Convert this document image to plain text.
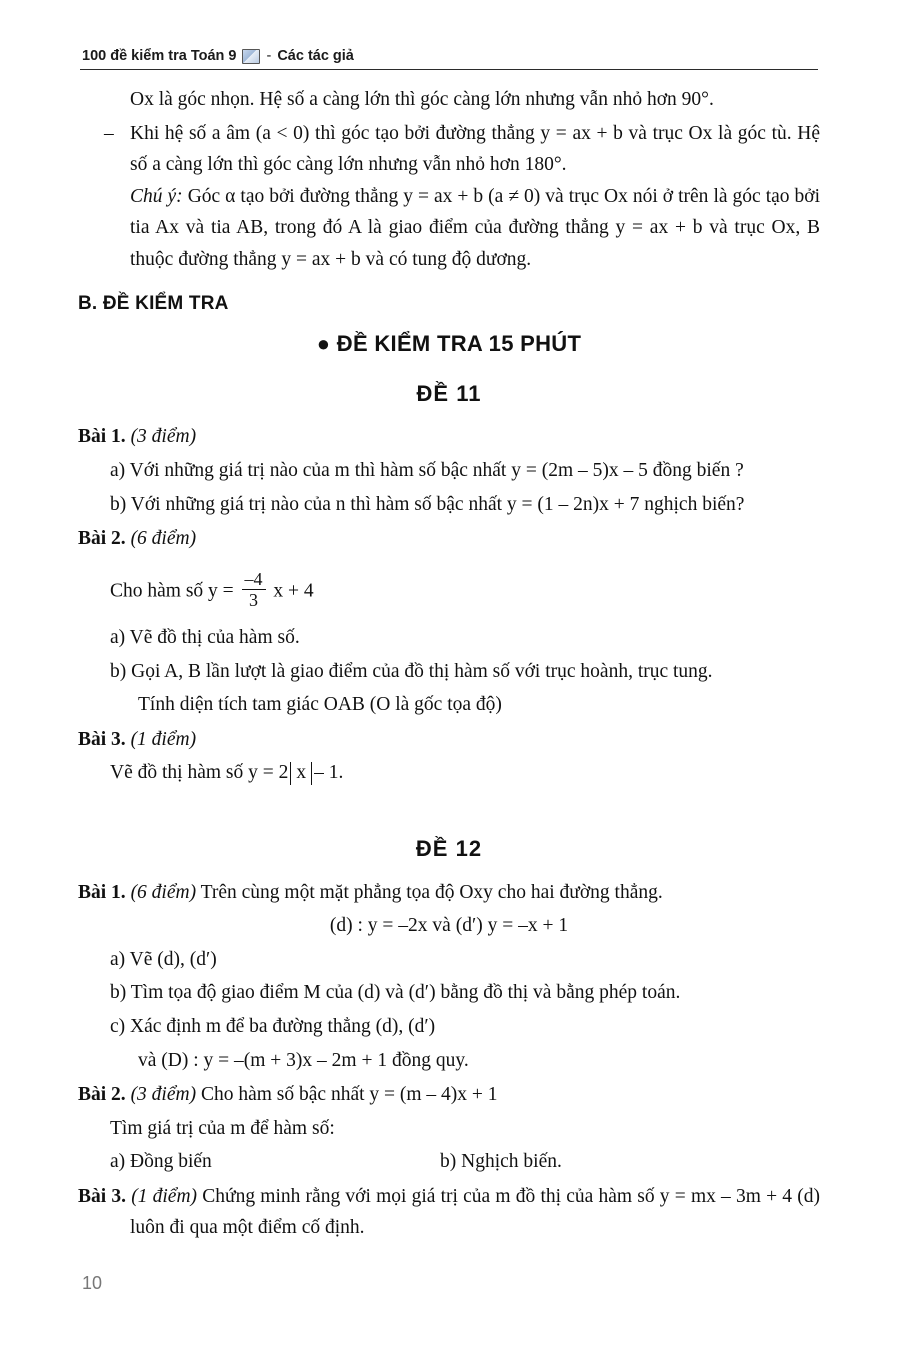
100 đề kiểm tra Toán 9 - Các tác giả

Ox là góc nhọn. Hệ số a càng lớn thì góc càng lớn nhưng vẫn nhỏ hơn 90°.

– Khi hệ số a âm (a < 0) thì góc tạo bởi đường thẳng y = ax + b và trục Ox là góc tù. Hệ số a càng lớn thì góc càng lớn nhưng vẫn nhỏ hơn 180°.

Chú ý: Góc α tạo bởi đường thẳng y = ax + b (a ≠ 0) và trục Ox nói ở trên là góc tạo bởi tia Ax và tia AB, trong đó A là giao điểm của đường thẳng y = ax + b và trục Ox, B thuộc đường thẳng y = ax + b và có tung độ dương.

B. ĐỀ KIỂM TRA
● ĐỀ KIỂM TRA 15 PHÚT
ĐỀ 11

Bài 1. (3 điểm)

a) Với những giá trị nào của m thì hàm số bậc nhất y = (2m – 5)x – 5 đồng biến ?

b) Với những giá trị nào của n thì hàm số bậc nhất y = (1 – 2n)x + 7 nghịch biến?

Bài 2. (6 điểm)

Cho hàm số $y = \frac{-4}{3}$ x + 4

a) Vẽ đồ thị của hàm số.

b) Gọi A, B lần lượt là giao điểm của đồ thị hàm số với trục hoành, trục tung.

Tính diện tích tam giác OAB (O là gốc tọa độ)

Bài 3. (1 điểm)

Vẽ đồ thị hàm số y = 2 x – 1.

ĐỀ 12

Bài 1. (6 điểm) Trên cùng một mặt phẳng tọa độ Oxy cho hai đường thẳng.

(d) : y = –2x và (d′) y = –x + 1

a) Vẽ (d), (d′)

b) Tìm tọa độ giao điểm M của (d) và (d′) bằng đồ thị và bằng phép toán.

c) Xác định m để ba đường thẳng (d), (d′)

và (D) : y = –(m + 3)x – 2m + 1 đồng quy.

Bài 2. (3 điểm) Cho hàm số bậc nhất y = (m – 4)x + 1

Tìm giá trị của m để hàm số:

a) Đồng biến	b) Nghịch biến.

Bài 3. (1 điểm) Chứng minh rằng với mọi giá trị của m đồ thị của hàm số y = mx – 3m + 4 (d) luôn đi qua một điểm cố định.

10
